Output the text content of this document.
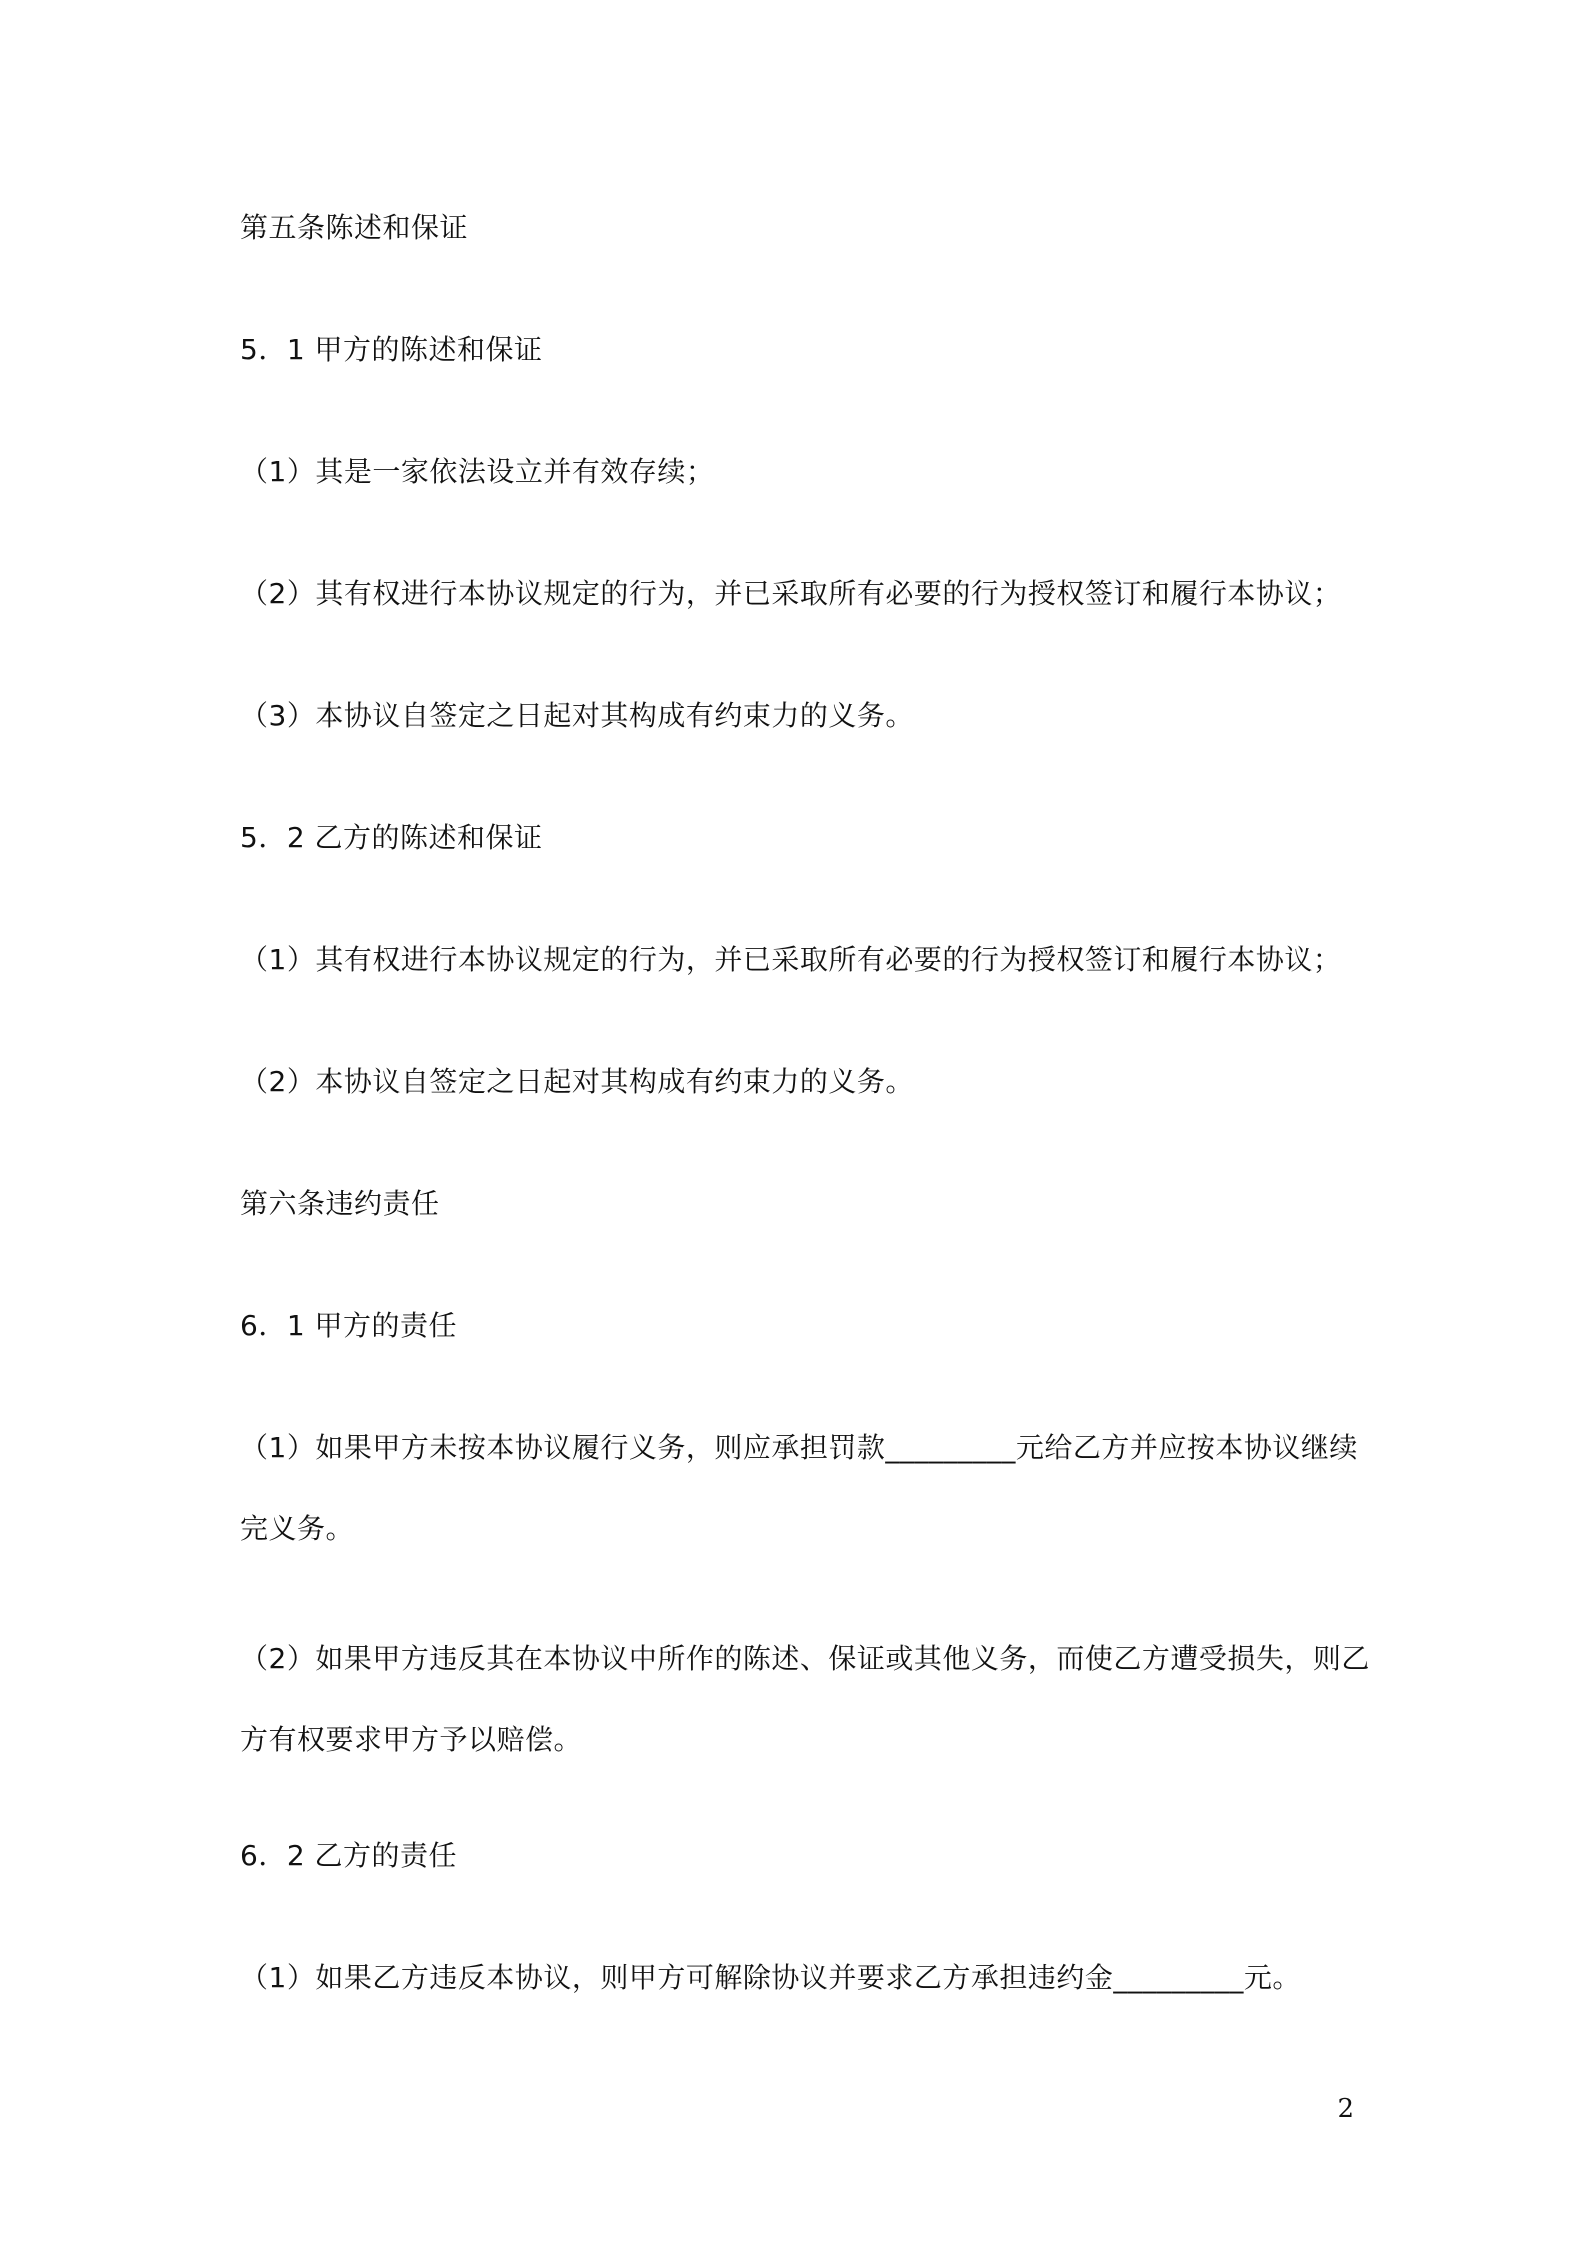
第五条陈述和保证
5．1 甲方的陈述和保证
（1）其是一家依法设立并有效存续；
（2）其有权进行本协议规定的行为，并已采取所有必要的行为授权签订和履行本协议；
（3）本协议自签定之日起对其构成有约束力的义务。
5．2 乙方的陈述和保证
（1）其有权进行本协议规定的行为，并已采取所有必要的行为授权签订和履行本协议；
（2）本协议自签定之日起对其构成有约束力的义务。
第六条违约责任
6．1 甲方的责任
（1）如果甲方未按本协议履行义务，则应承担罚款_________元给乙方并应按本协议继续
完义务。
（2）如果甲方违反其在本协议中所作的陈述、保证或其他义务，而使乙方遭受损失，则乙
方有权要求甲方予以赔偿。
6．2 乙方的责任
（1）如果乙方违反本协议，则甲方可解除协议并要求乙方承担违约金_________元。
2
